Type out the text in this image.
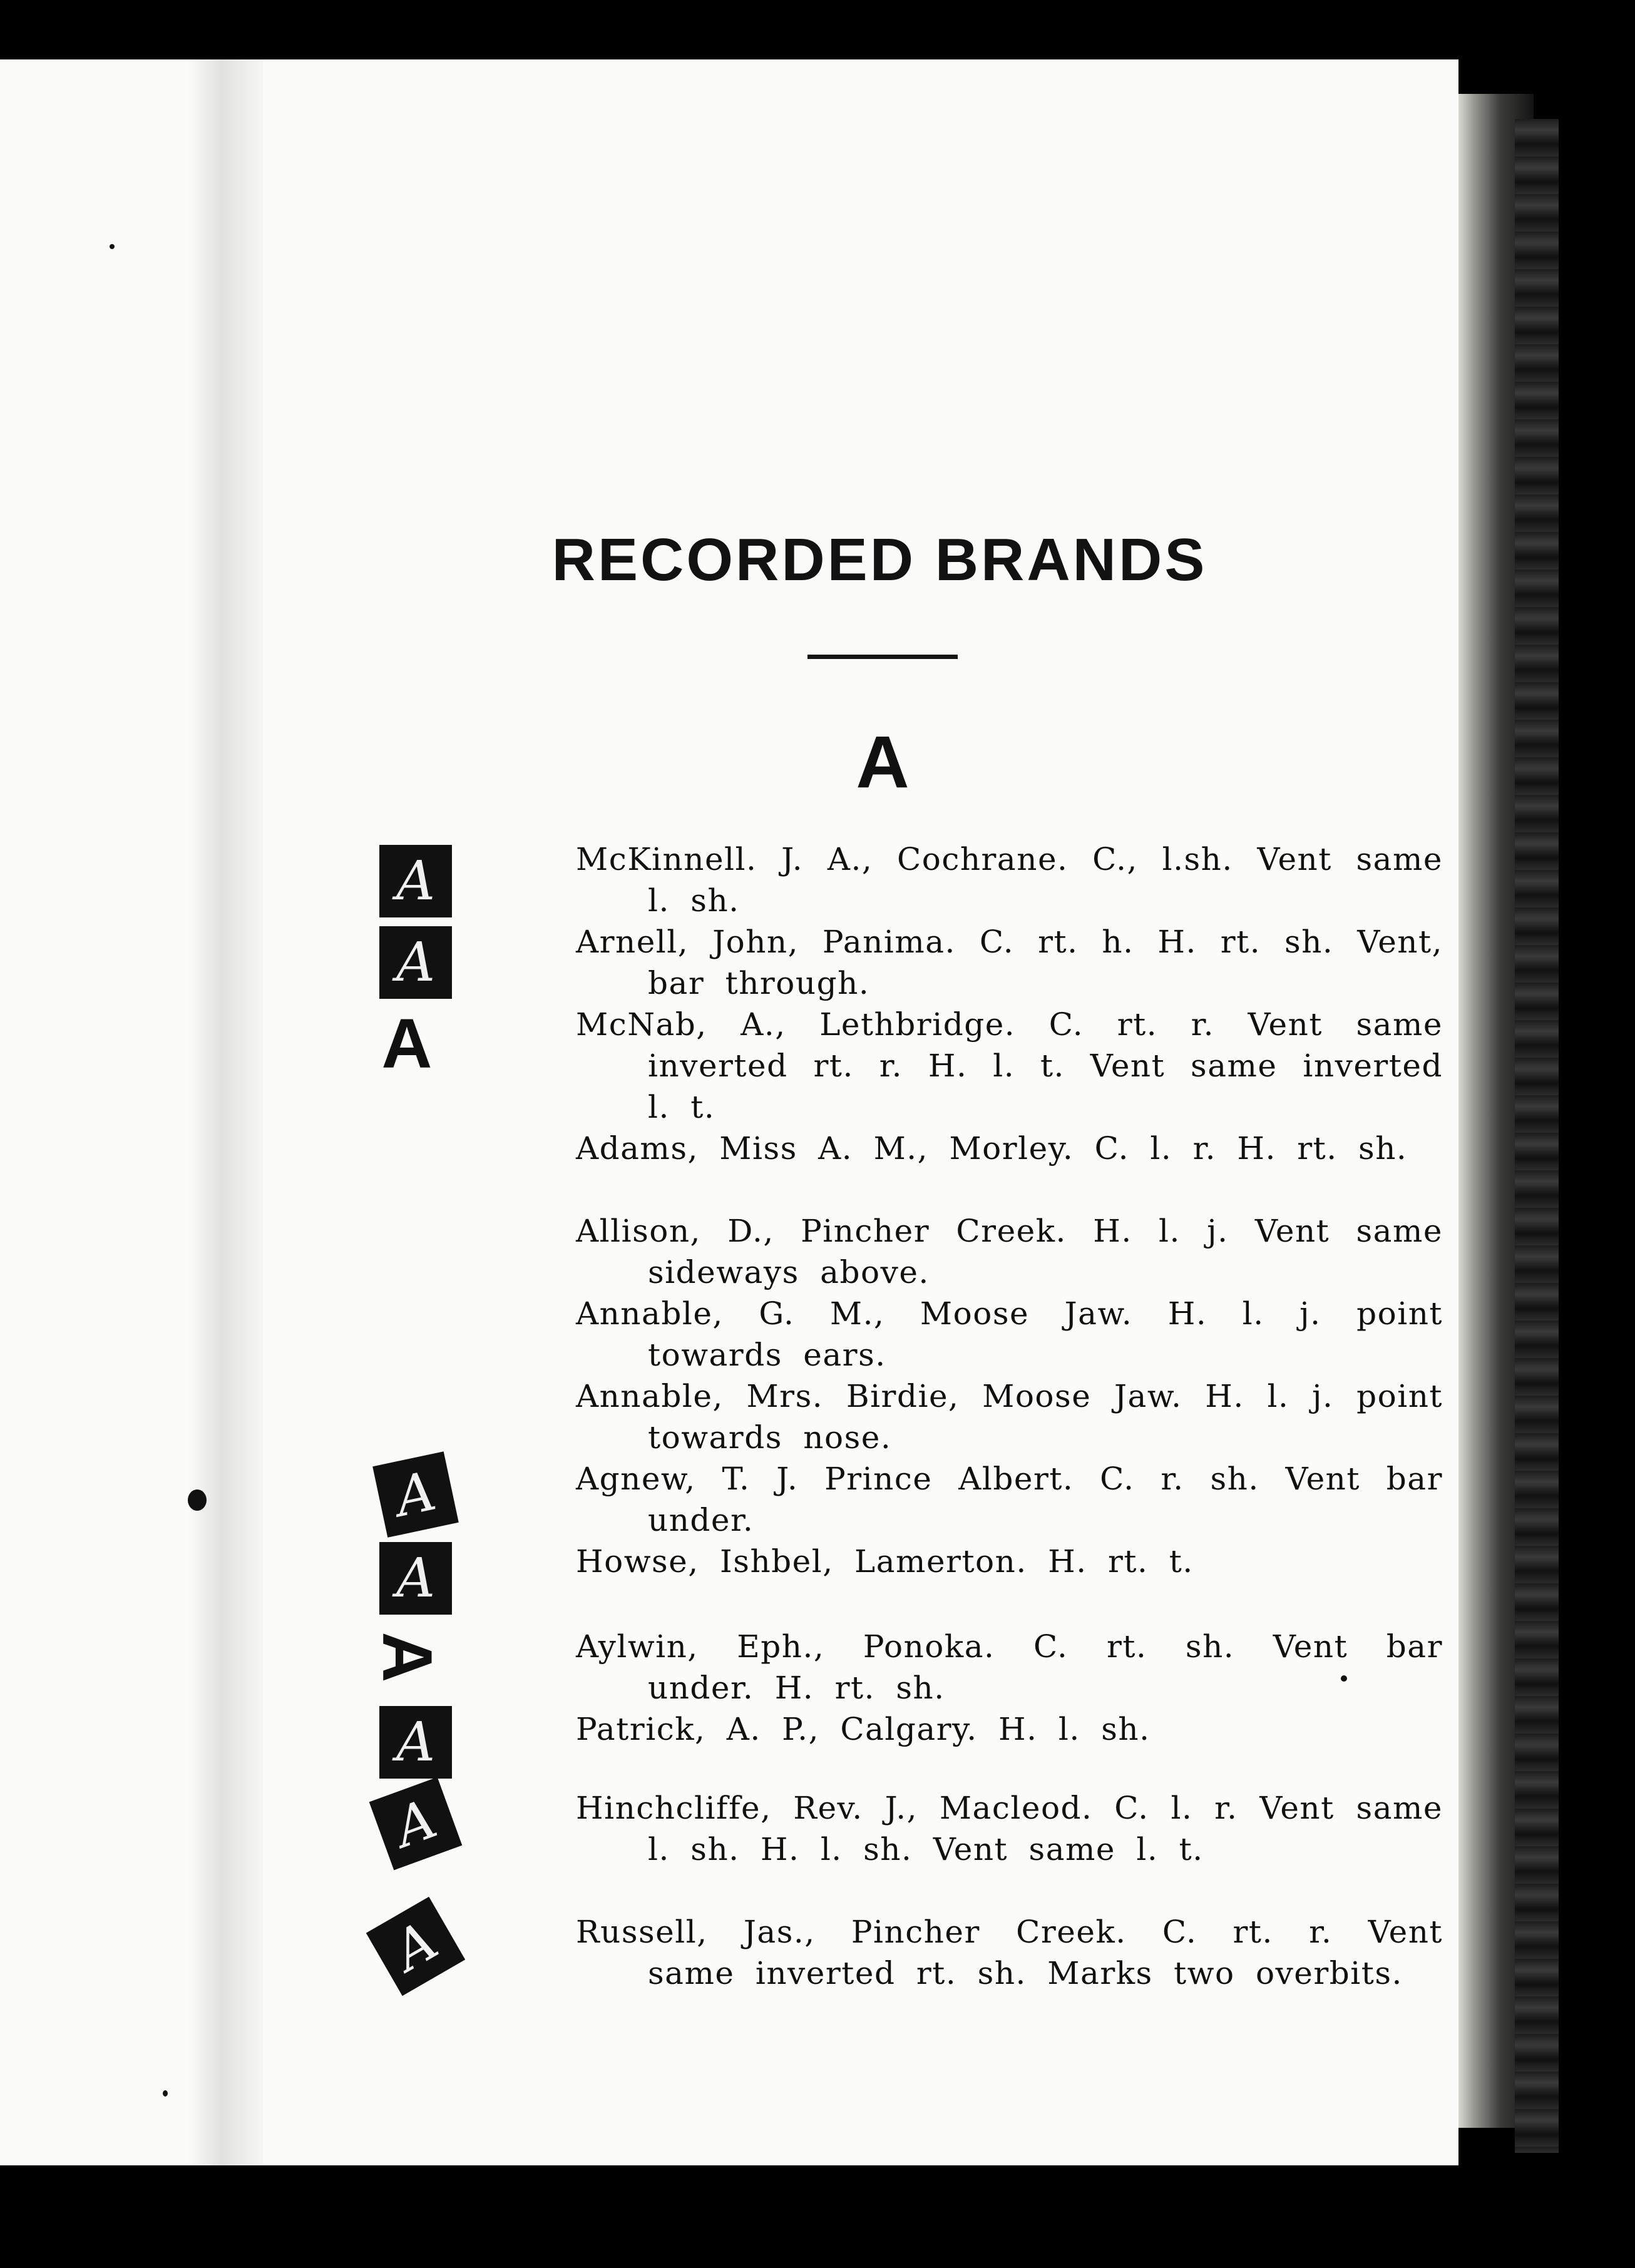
RECORDED BRANDS
A
A
A
A
A
A
A
A
A
A
McKinnell. J. A., Cochrane. C., l.sh. Vent same l. sh.
Arnell, John, Panima. C. rt. h. H. rt. sh. Vent, bar through.
McNab, A., Lethbridge. C. rt. r. Vent same inverted rt. r. H. l. t. Vent same inverted l. t.
Adams, Miss A. M., Morley. C. l. r. H. rt. sh.
Allison, D., Pincher Creek. H. l. j. Vent same sideways above.
Annable, G. M., Moose Jaw. H. l. j. point towards ears.
Annable, Mrs. Birdie, Moose Jaw. H. l. j. point towards nose.
Agnew, T. J. Prince Albert. C. r. sh. Vent bar under.
Howse, Ishbel, Lamerton. H. rt. t.
Aylwin, Eph., Ponoka. C. rt. sh. Vent bar under. H. rt. sh.
Patrick, A. P., Calgary. H. l. sh.
Hinchcliffe, Rev. J., Macleod. C. l. r. Vent same l. sh. H. l. sh. Vent same l. t.
Russell, Jas., Pincher Creek. C. rt. r. Vent same inverted rt. sh. Marks two overbits.
